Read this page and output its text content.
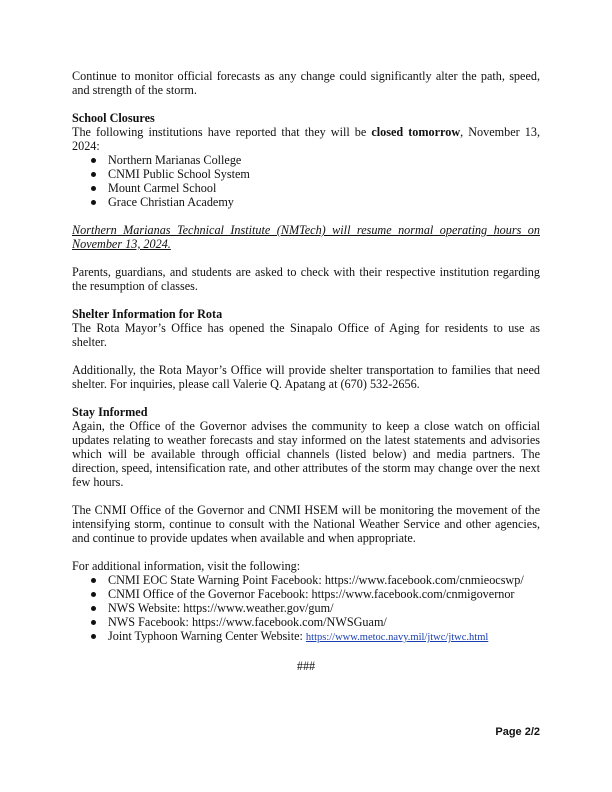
Continue to monitor official forecasts as any change could significantly alter the path, speed, and strength of the storm.

School Closures

The following institutions have reported that they will be closed tomorrow, November 13, 2024:

Northern Marianas College
CNMI Public School System
Mount Carmel School
Grace Christian Academy

Northern Marianas Technical Institute (NMTech) will resume normal operating hours on November 13, 2024.

Parents, guardians, and students are asked to check with their respective institution regarding the resumption of classes.

Shelter Information for Rota

The Rota Mayor’s Office has opened the Sinapalo Office of Aging for residents to use as shelter.

Additionally, the Rota Mayor’s Office will provide shelter transportation to families that need shelter. For inquiries, please call Valerie Q. Apatang at (670) 532-2656.

Stay Informed

Again, the Office of the Governor advises the community to keep a close watch on official updates relating to weather forecasts and stay informed on the latest statements and advisories which will be available through official channels (listed below) and media partners. The direction, speed, intensification rate, and other attributes of the storm may change over the next few hours.

The CNMI Office of the Governor and CNMI HSEM will be monitoring the movement of the intensifying storm, continue to consult with the National Weather Service and other agencies, and continue to provide updates when available and when appropriate.

For additional information, visit the following:

CNMI EOC State Warning Point Facebook: https://www.facebook.com/cnmieocswp/
CNMI Office of the Governor Facebook: https://www.facebook.com/cnmigovernor
NWS Website: https://www.weather.gov/gum/
NWS Facebook: https://www.facebook.com/NWSGuam/
Joint Typhoon Warning Center Website: https://www.metoc.navy.mil/jtwc/jtwc.html

###

Page 2/2
